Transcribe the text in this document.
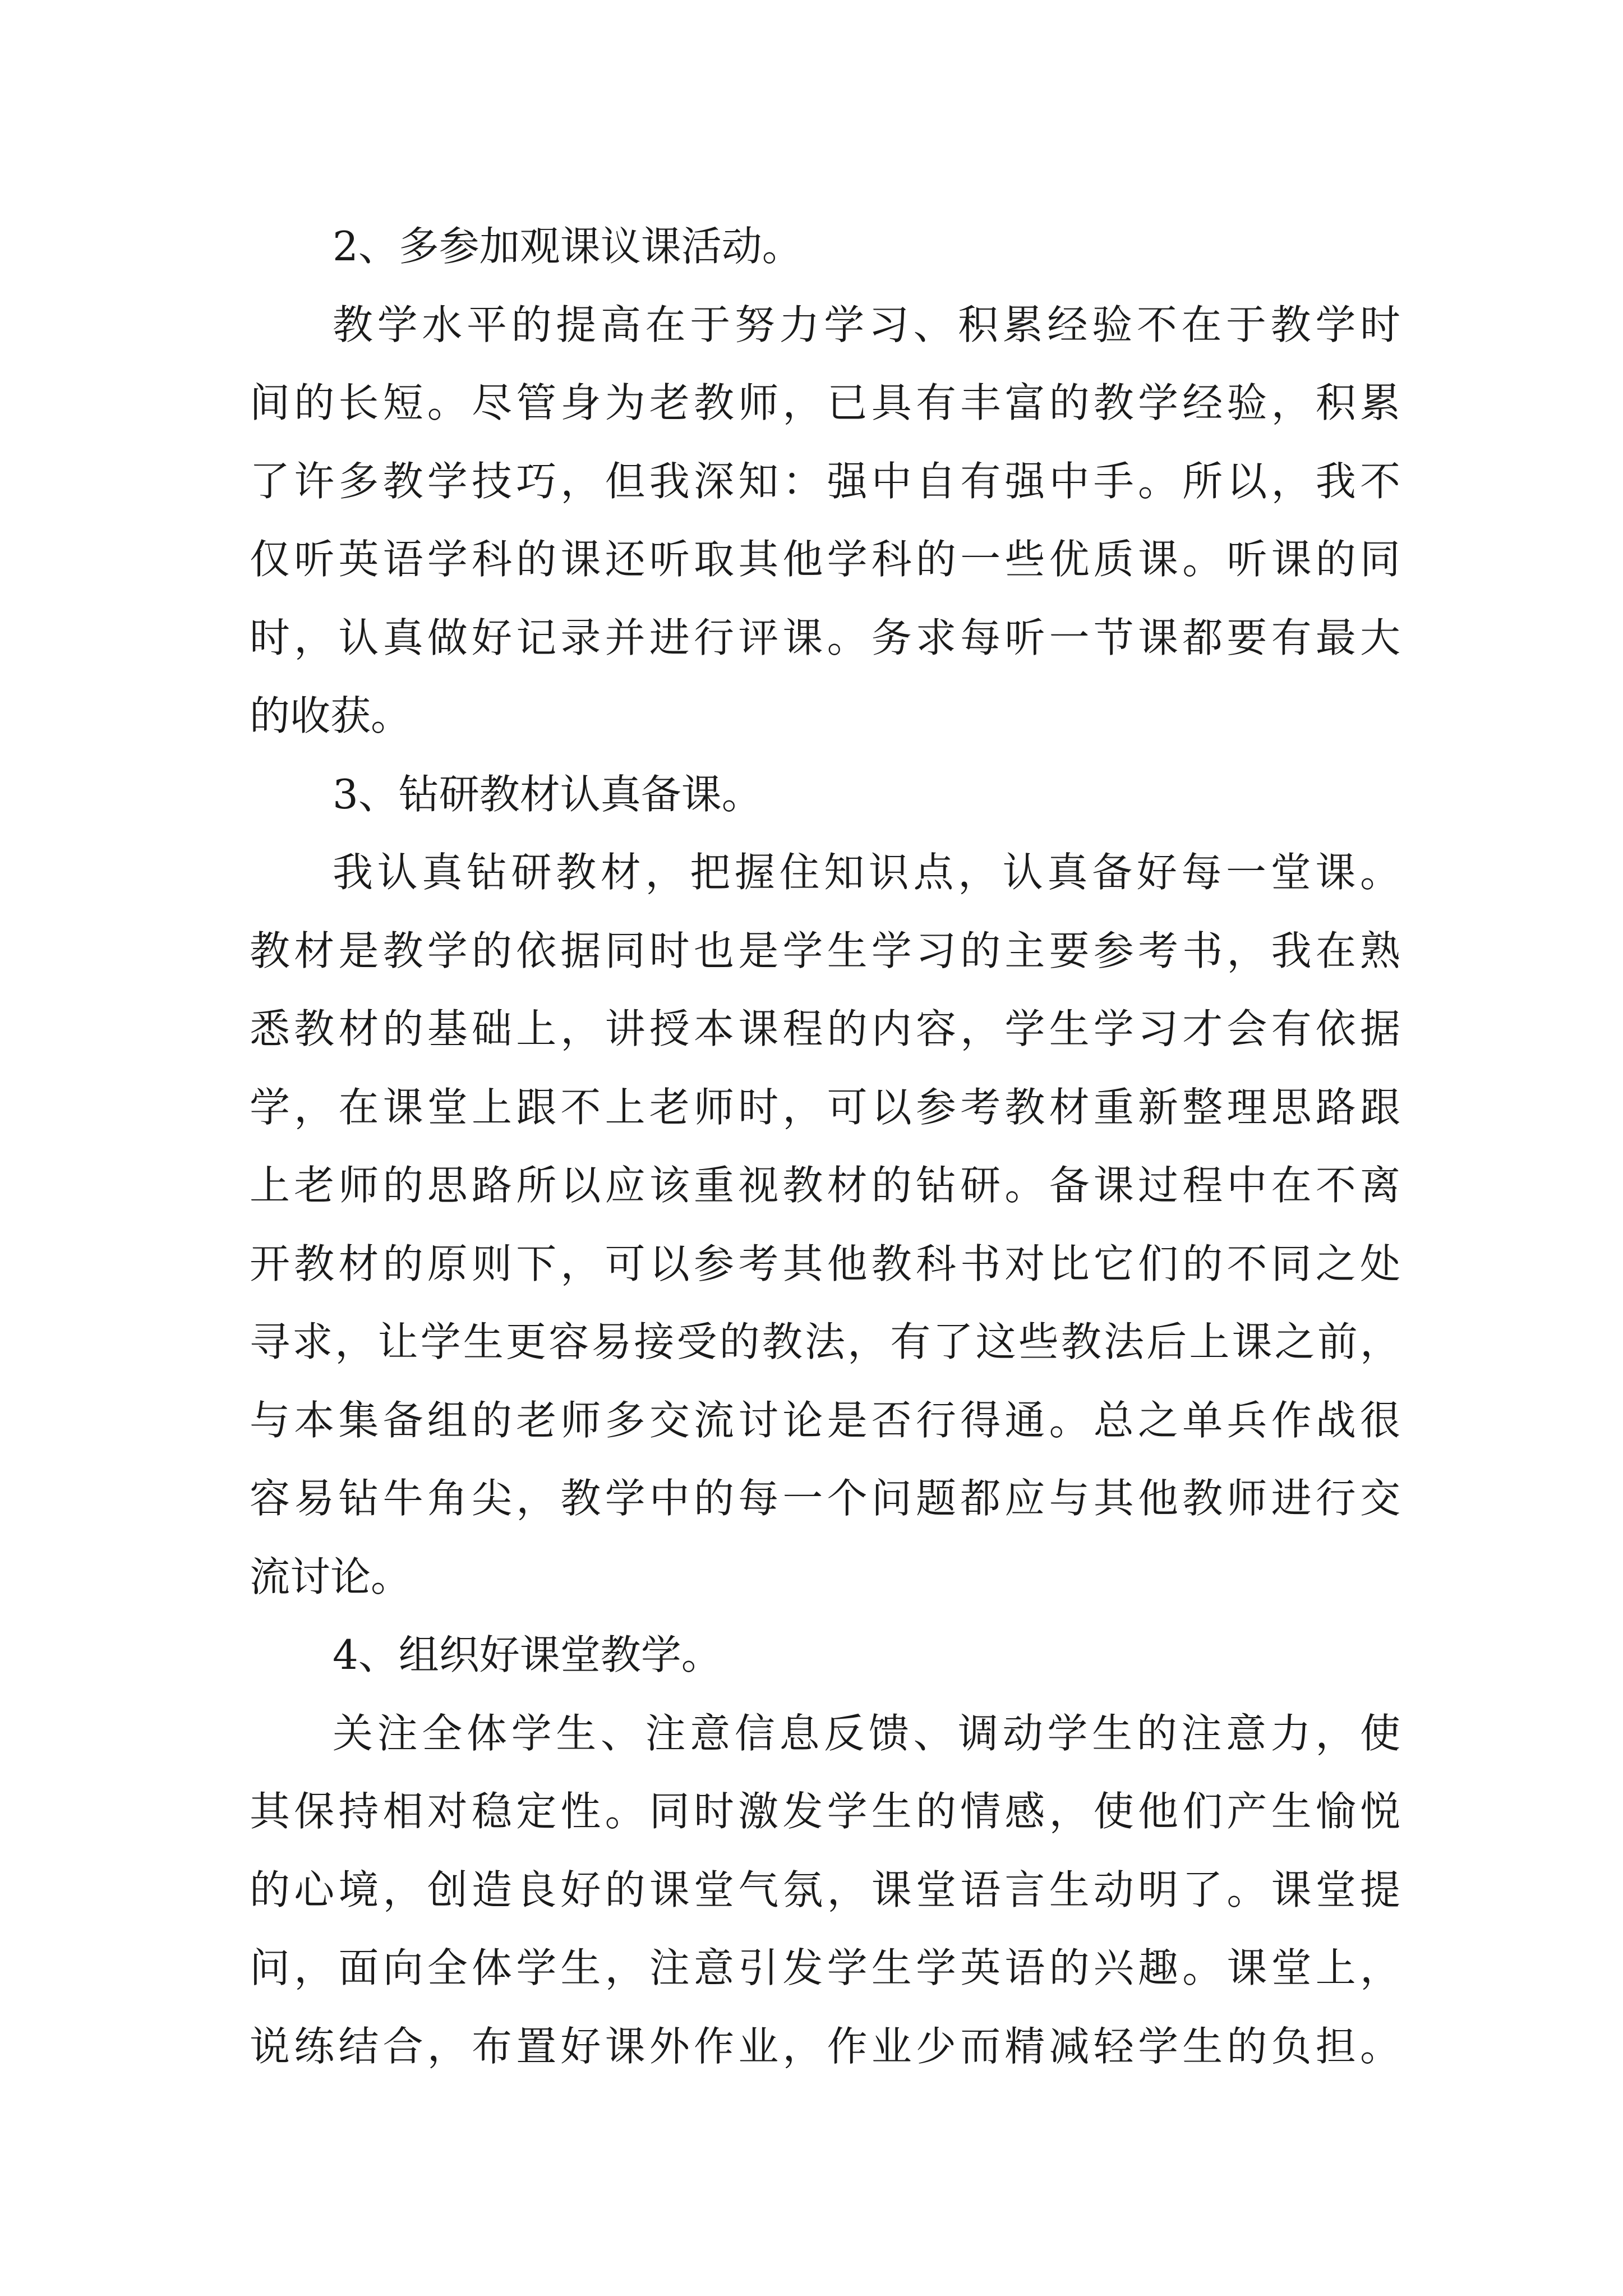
2、多参加观课议课活动。
教学水平的提高在于努力学习、积累经验不在于教学时
间的长短。尽管身为老教师，已具有丰富的教学经验，积累
了许多教学技巧，但我深知：强中自有强中手。所以，我不
仅听英语学科的课还听取其他学科的一些优质课。听课的同
时，认真做好记录并进行评课。务求每听一节课都要有最大
的收获。
3、钻研教材认真备课。
我认真钻研教材，把握住知识点，认真备好每一堂课。
教材是教学的依据同时也是学生学习的主要参考书，我在熟
悉教材的基础上，讲授本课程的内容，学生学习才会有依据
学，在课堂上跟不上老师时，可以参考教材重新整理思路跟
上老师的思路所以应该重视教材的钻研。备课过程中在不离
开教材的原则下，可以参考其他教科书对比它们的不同之处
寻求，让学生更容易接受的教法，有了这些教法后上课之前，
与本集备组的老师多交流讨论是否行得通。总之单兵作战很
容易钻牛角尖，教学中的每一个问题都应与其他教师进行交
流讨论。
4、组织好课堂教学。
关注全体学生、注意信息反馈、调动学生的注意力，使
其保持相对稳定性。同时激发学生的情感，使他们产生愉悦
的心境，创造良好的课堂气氛，课堂语言生动明了。课堂提
问，面向全体学生，注意引发学生学英语的兴趣。课堂上，
说练结合，布置好课外作业，作业少而精减轻学生的负担。
